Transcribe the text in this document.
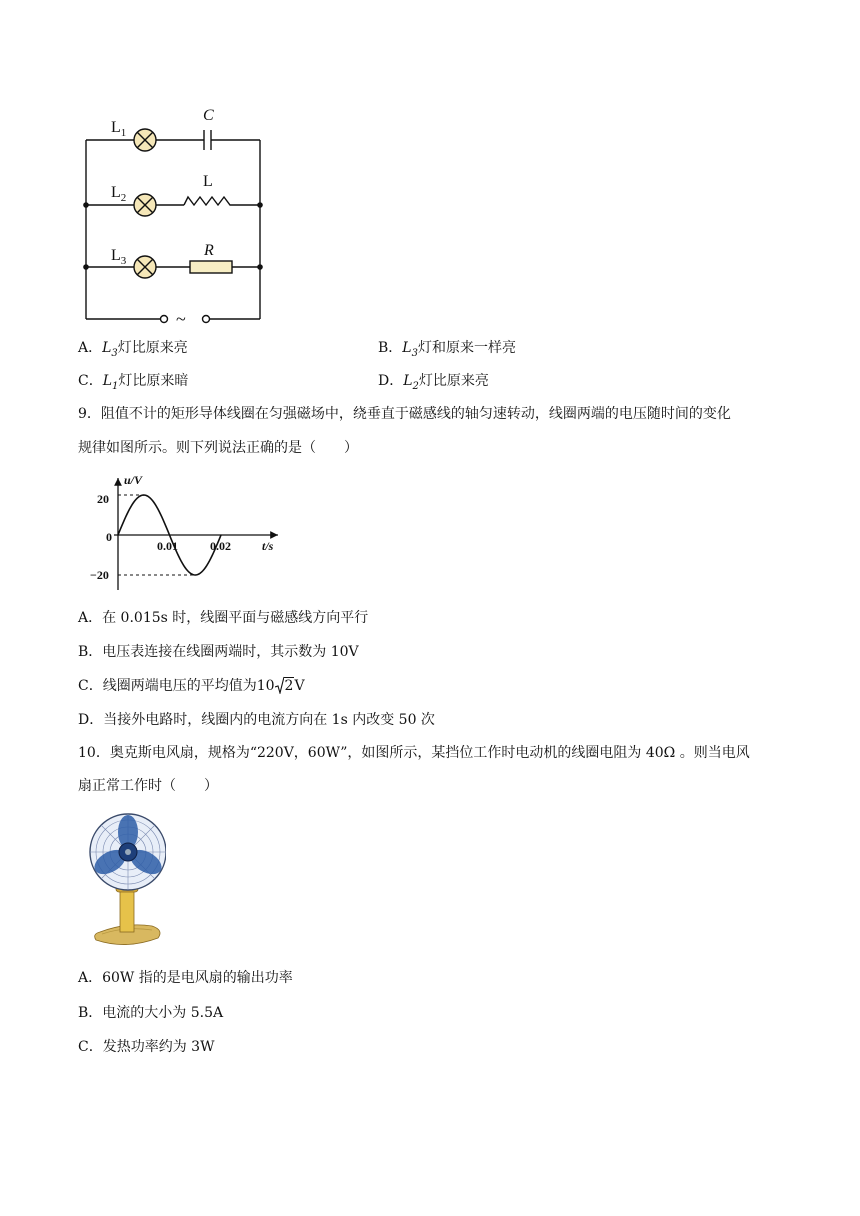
$L_1$
C
$L_2$
L
$L_3$
R
~
A．$L_3$灯比原来亮	B．$L_3$灯和原来一样亮
C．$L_1$灯比原来暗	D．$L_2$灯比原来亮
9．阻值不计的矩形导体线圈在匀强磁场中，绕垂直于磁感线的轴匀速转动，线圈两端的电压随时间的变化
规律如图所示。则下列说法正确的是（　　）
u/V
t/s
20
−20
0
0.01	0.02
A．在 0.015s 时，线圈平面与磁感线方向平行
B．电压表连接在线圈两端时，其示数为 10V
C．线圈两端电压的平均值为10 2V
D．当接外电路时，线圈内的电流方向在 1s 内改变 50 次
10．奥克斯电风扇，规格为“220V，60W”，如图所示，某挡位工作时电动机的线圈电阻为 40Ω 。则当电风
扇正常工作时（　　）
A．60W 指的是电风扇的输出功率
B．电流的大小为 5.5A
C．发热功率约为 3W
